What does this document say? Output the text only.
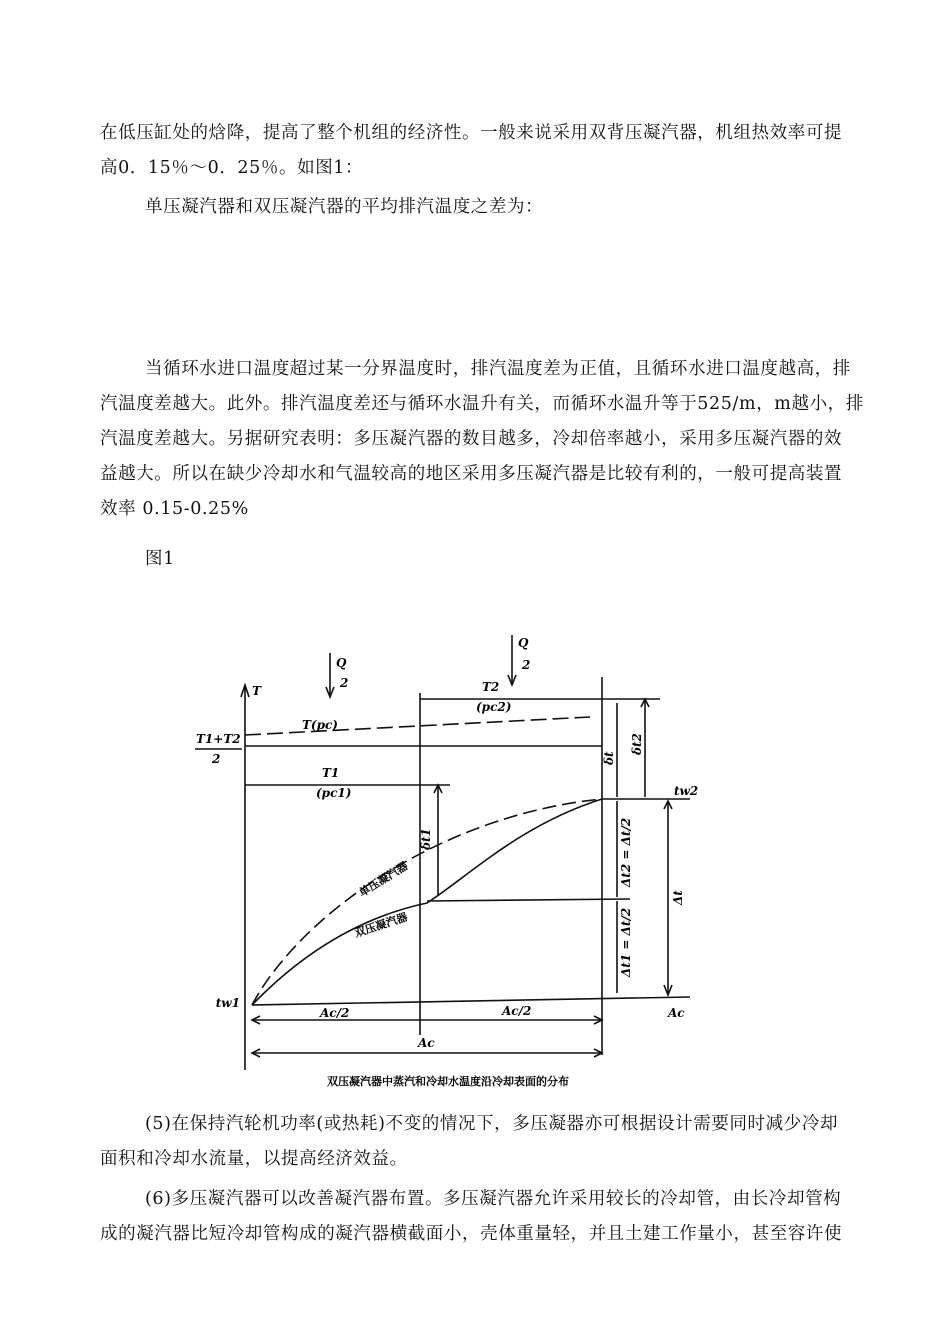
在低压缸处的焓降，提高了整个机组的经济性。一般来说采用双背压凝汽器，机组热效率可提
高0．15％～0．25％。如图1：

单压凝汽器和双压凝汽器的平均排汽温度之差为：

当循环水进口温度超过某一分界温度时，排汽温度差为正值，且循环水进口温度越高，排
汽温度差越大。此外。排汽温度差还与循环水温升有关，而循环水温升等于525/m，m越小，排
汽温度差越大。另据研究表明：多压凝汽器的数目越多，冷却倍率越小，采用多压凝汽器的效
益越大。所以在缺少冷却水和气温较高的地区采用多压凝汽器是比较有利的，一般可提高装置
效率 0.15-0.25%

图1

T
Q
2
Q
2
T(pc)
T1+T2
2
T1
(pc1)
T2
(pc2)
tw1
tw2
δt1
δt
δt2
Δt2 = Δt/2
Δt1 = Δt/2
Δt
单压凝汽器
双压凝汽器
Ac/2	Ac/2
Ac
Ac
双压凝汽器中蒸汽和冷却水温度沿冷却表面的分布

(5)在保持汽轮机功率(或热耗)不变的情况下，多压凝器亦可根据设计需要同时减少冷却
面积和冷却水流量，以提高经济效益。

(6)多压凝汽器可以改善凝汽器布置。多压凝汽器允许采用较长的冷却管，由长冷却管构
成的凝汽器比短冷却管构成的凝汽器横截面小，壳体重量轻，并且土建工作量小，甚至容许使
